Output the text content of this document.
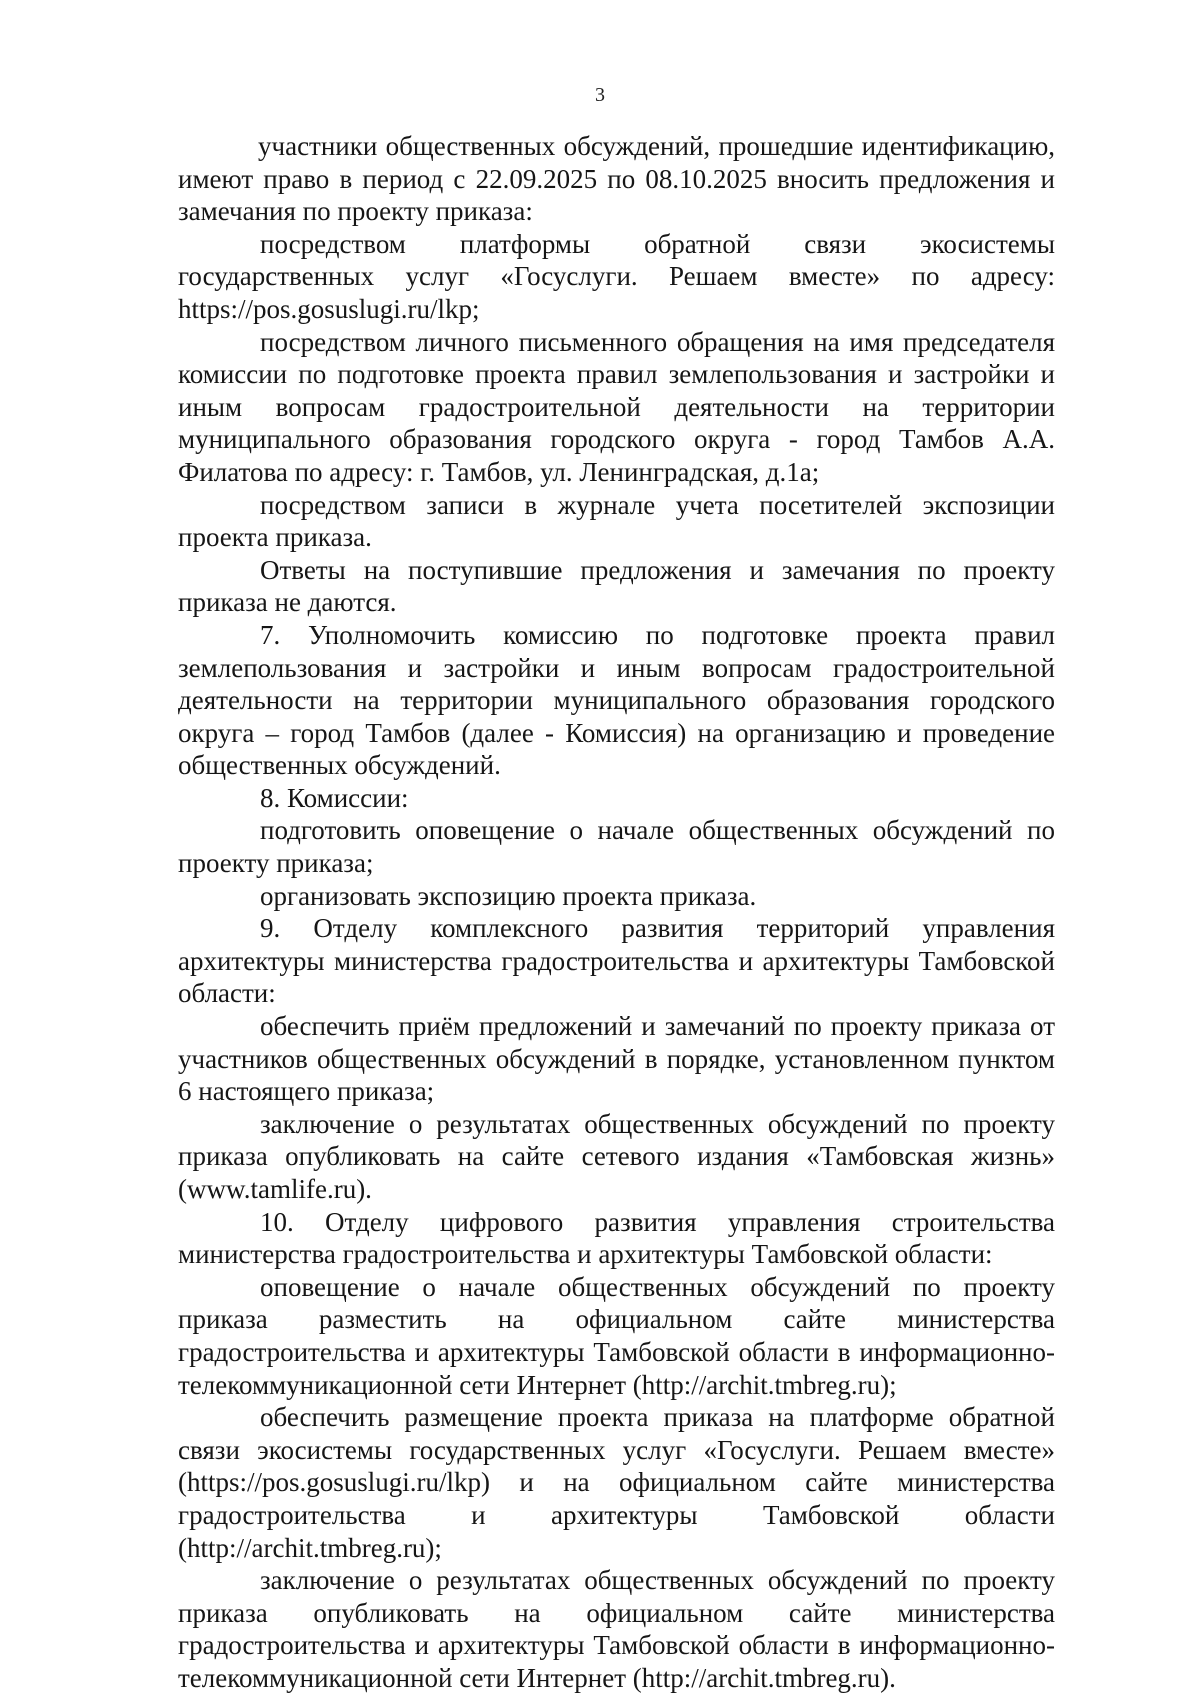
3

участники общественных обсуждений, прошедшие идентификацию, имеют право в период с 22.09.2025 по 08.10.2025 вносить предложения и замечания по проекту приказа:

посредством платформы обратной связи экосистемы государственных услуг «Госуслуги. Решаем вместе» по адресу: https://pos.gosuslugi.ru/lkp;

посредством личного письменного обращения на имя председателя комиссии по подготовке проекта правил землепользования и застройки и иным вопросам градостроительной деятельности на территории муниципального образования городского округа - город Тамбов А.А. Филатова по адресу: г. Тамбов, ул. Ленинградская, д.1а;

посредством записи в журнале учета посетителей экспозиции проекта приказа.

Ответы на поступившие предложения и замечания по проекту приказа не даются.

7. Уполномочить комиссию по подготовке проекта правил землепользования и застройки и иным вопросам градостроительной деятельности на территории муниципального образования городского округа – город Тамбов (далее - Комиссия) на организацию и проведение общественных обсуждений.

8. Комиссии:

подготовить оповещение о начале общественных обсуждений по проекту приказа;

организовать экспозицию проекта приказа.

9. Отделу комплексного развития территорий управления архитектуры министерства градостроительства и архитектуры Тамбовской области:

обеспечить приём предложений и замечаний по проекту приказа от участников общественных обсуждений в порядке, установленном пунктом 6 настоящего приказа;

заключение о результатах общественных обсуждений по проекту приказа опубликовать на сайте сетевого издания «Тамбовская жизнь» (www.tamlife.ru).

10. Отделу цифрового развития управления строительства министерства градостроительства и архитектуры Тамбовской области:

оповещение о начале общественных обсуждений по проекту приказа разместить на официальном сайте министерства градостроительства и архитектуры Тамбовской области в информационно-телекоммуникационной сети Интернет (http://archit.tmbreg.ru);

обеспечить размещение проекта приказа на платформе обратной связи экосистемы государственных услуг «Госуслуги. Решаем вместе» (https://pos.gosuslugi.ru/lkp) и на официальном сайте министерства градостроительства и архитектуры Тамбовской области (http://archit.tmbreg.ru);

заключение о результатах общественных обсуждений по проекту приказа опубликовать на официальном сайте министерства градостроительства и архитектуры Тамбовской области в информационно-телекоммуникационной сети Интернет (http://archit.tmbreg.ru).
